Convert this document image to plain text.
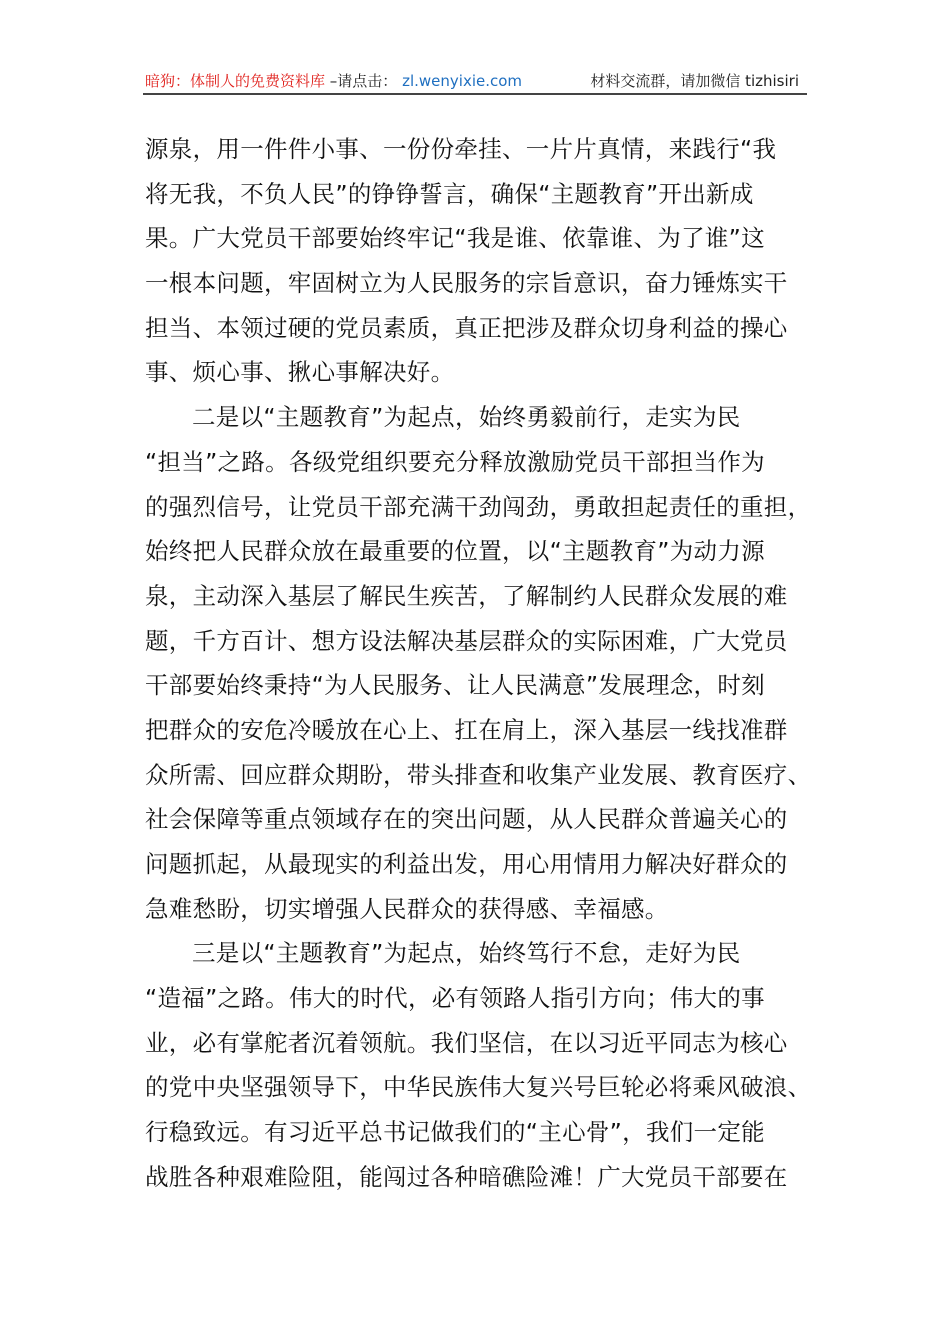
暗狗：体制人的免费资料库 –请点击： zl.wenyixie.com	材料交流群，请加微信 tizhisiri
源泉，用一件件小事、一份份牵挂、一片片真情，来践行“我
将无我，不负人民”的铮铮誓言，确保“主题教育”开出新成
果。广大党员干部要始终牢记“我是谁、依靠谁、为了谁”这
一根本问题，牢固树立为人民服务的宗旨意识，奋力锤炼实干
担当、本领过硬的党员素质，真正把涉及群众切身利益的操心
事、烦心事、揪心事解决好。
二是以“主题教育”为起点，始终勇毅前行，走实为民
“担当”之路。各级党组织要充分释放激励党员干部担当作为
的强烈信号，让党员干部充满干劲闯劲，勇敢担起责任的重担，
始终把人民群众放在最重要的位置，以“主题教育”为动力源
泉，主动深入基层了解民生疾苦，了解制约人民群众发展的难
题，千方百计、想方设法解决基层群众的实际困难，广大党员
干部要始终秉持“为人民服务、让人民满意”发展理念，时刻
把群众的安危冷暖放在心上、扛在肩上，深入基层一线找准群
众所需、回应群众期盼，带头排查和收集产业发展、教育医疗、
社会保障等重点领域存在的突出问题，从人民群众普遍关心的
问题抓起，从最现实的利益出发，用心用情用力解决好群众的
急难愁盼，切实增强人民群众的获得感、幸福感。
三是以“主题教育”为起点，始终笃行不怠，走好为民
“造福”之路。伟大的时代，必有领路人指引方向；伟大的事
业，必有掌舵者沉着领航。我们坚信，在以习近平同志为核心
的党中央坚强领导下，中华民族伟大复兴号巨轮必将乘风破浪、
行稳致远。有习近平总书记做我们的“主心骨”，我们一定能
战胜各种艰难险阻，能闯过各种暗礁险滩！广大党员干部要在
